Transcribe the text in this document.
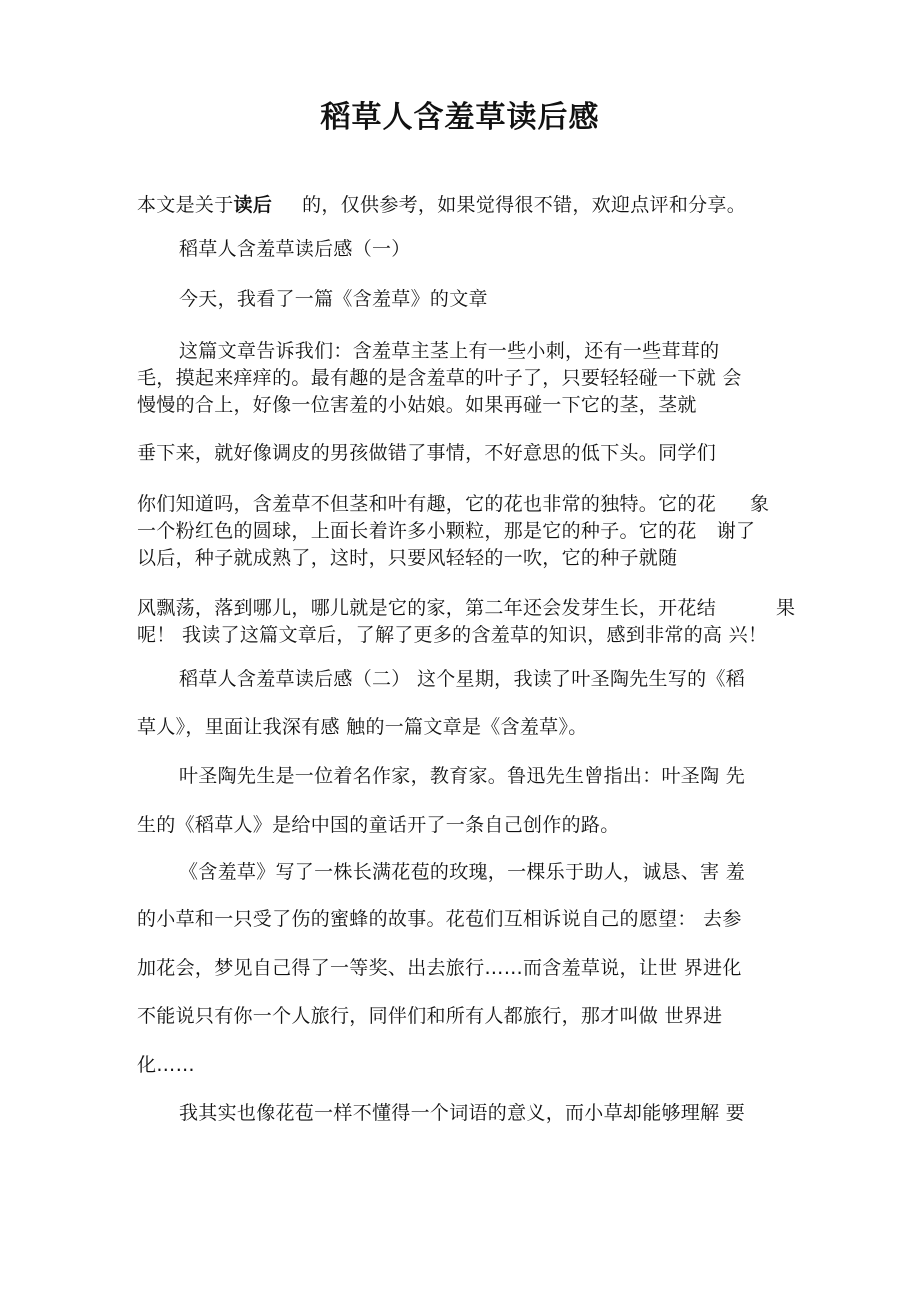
稻草人含羞草读后感
本文是关于读后 的，仅供参考，如果觉得很不错，欢迎点评和分享。
稻草人含羞草读后感（一）
今天，我看了一篇《含羞草》的文章
这篇文章告诉我们：含羞草主茎上有一些小刺，还有一些茸茸的
毛，摸起来痒痒的。最有趣的是含羞草的叶子了，只要轻轻碰一下就 会
慢慢的合上，好像一位害羞的小姑娘。如果再碰一下它的茎，茎就
垂下来，就好像调皮的男孩做错了事情，不好意思的低下头。同学们
你们知道吗，含羞草不但茎和叶有趣，它的花也非常的独特。它的花 象
一个粉红色的圆球，上面长着许多小颗粒，那是它的种子。它的花 谢了
以后，种子就成熟了，这时，只要风轻轻的一吹，它的种子就随
风飘荡，落到哪儿，哪儿就是它的家，第二年还会发芽生长，开花结	果
呢！ 我读了这篇文章后，了解了更多的含羞草的知识，感到非常的高 兴！
稻草人含羞草读后感（二） 这个星期，我读了叶圣陶先生写的《稻
草人》，里面让我深有感 触的一篇文章是《含羞草》。
叶圣陶先生是一位着名作家，教育家。鲁迅先生曾指出：叶圣陶 先
生的《稻草人》是给中国的童话开了一条自己创作的路。
《含羞草》写了一株长满花苞的玫瑰，一棵乐于助人，诚恳、害 羞
的小草和一只受了伤的蜜蜂的故事。花苞们互相诉说自己的愿望： 去参
加花会，梦见自己得了一等奖、出去旅行……而含羞草说，让世 界进化
不能说只有你一个人旅行，同伴们和所有人都旅行，那才叫做 世界进
化……
我其实也像花苞一样不懂得一个词语的意义，而小草却能够理解 要
